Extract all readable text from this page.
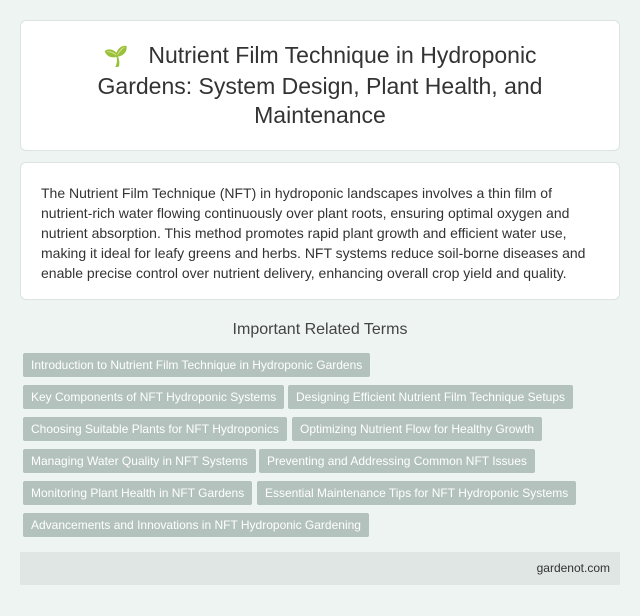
🌱 Nutrient Film Technique in Hydroponic Gardens: System Design, Plant Health, and Maintenance

The Nutrient Film Technique (NFT) in hydroponic landscapes involves a thin film of nutrient-rich water flowing continuously over plant roots, ensuring optimal oxygen and nutrient absorption. This method promotes rapid plant growth and efficient water use, making it ideal for leafy greens and herbs. NFT systems reduce soil-borne diseases and enable precise control over nutrient delivery, enhancing overall crop yield and quality.

Important Related Terms
Introduction to Nutrient Film Technique in Hydroponic Gardens
Key Components of NFT Hydroponic Systems	Designing Efficient Nutrient Film Technique Setups
Choosing Suitable Plants for NFT Hydroponics	Optimizing Nutrient Flow for Healthy Growth
Managing Water Quality in NFT Systems	Preventing and Addressing Common NFT Issues
Monitoring Plant Health in NFT Gardens	Essential Maintenance Tips for NFT Hydroponic Systems
Advancements and Innovations in NFT Hydroponic Gardening
gardenot.com
